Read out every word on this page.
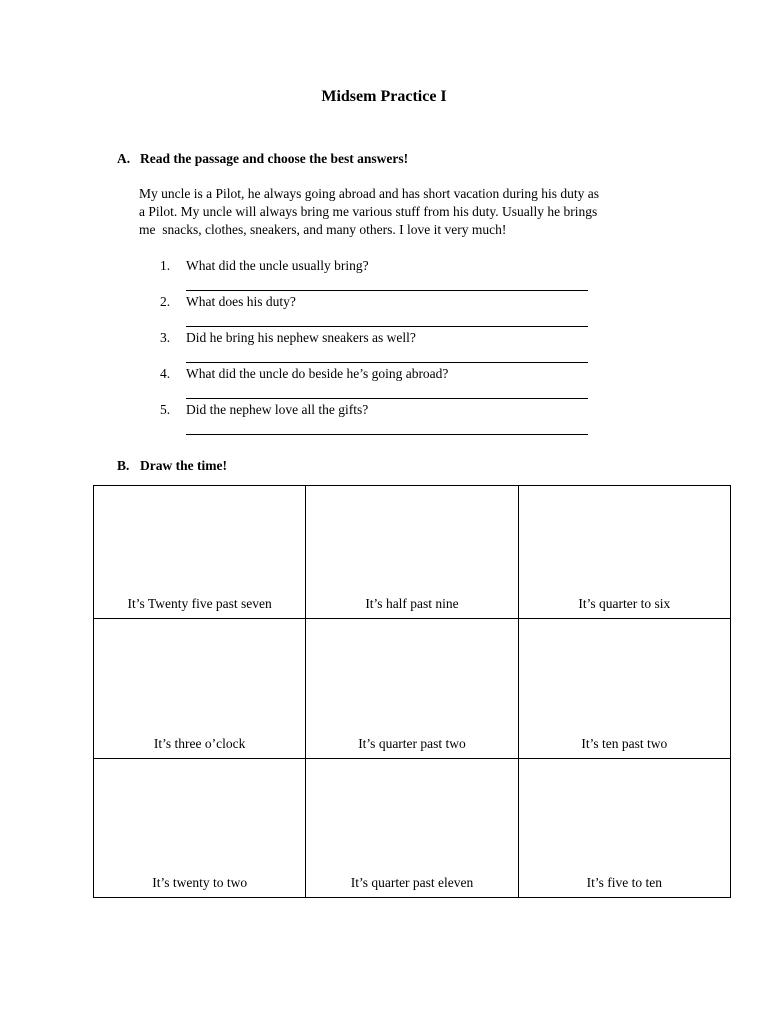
Midsem Practice I
A. Read the passage and choose the best answers!
My uncle is a Pilot, he always going abroad and has short vacation during his duty as
a Pilot. My uncle will always bring me various stuff from his duty. Usually he brings
me  snacks, clothes, sneakers, and many others. I love it very much!
1. What did the uncle usually bring?
2. What does his duty?
3. Did he bring his nephew sneakers as well?
4. What did the uncle do beside he’s going abroad?
5. Did the nephew love all the gifts?
B. Draw the time!
It’s Twenty five past seven	It’s half past nine	It’s quarter to six
It’s three o’clock	It’s quarter past two	It’s ten past two
It’s twenty to two	It’s quarter past eleven	It’s five to ten
